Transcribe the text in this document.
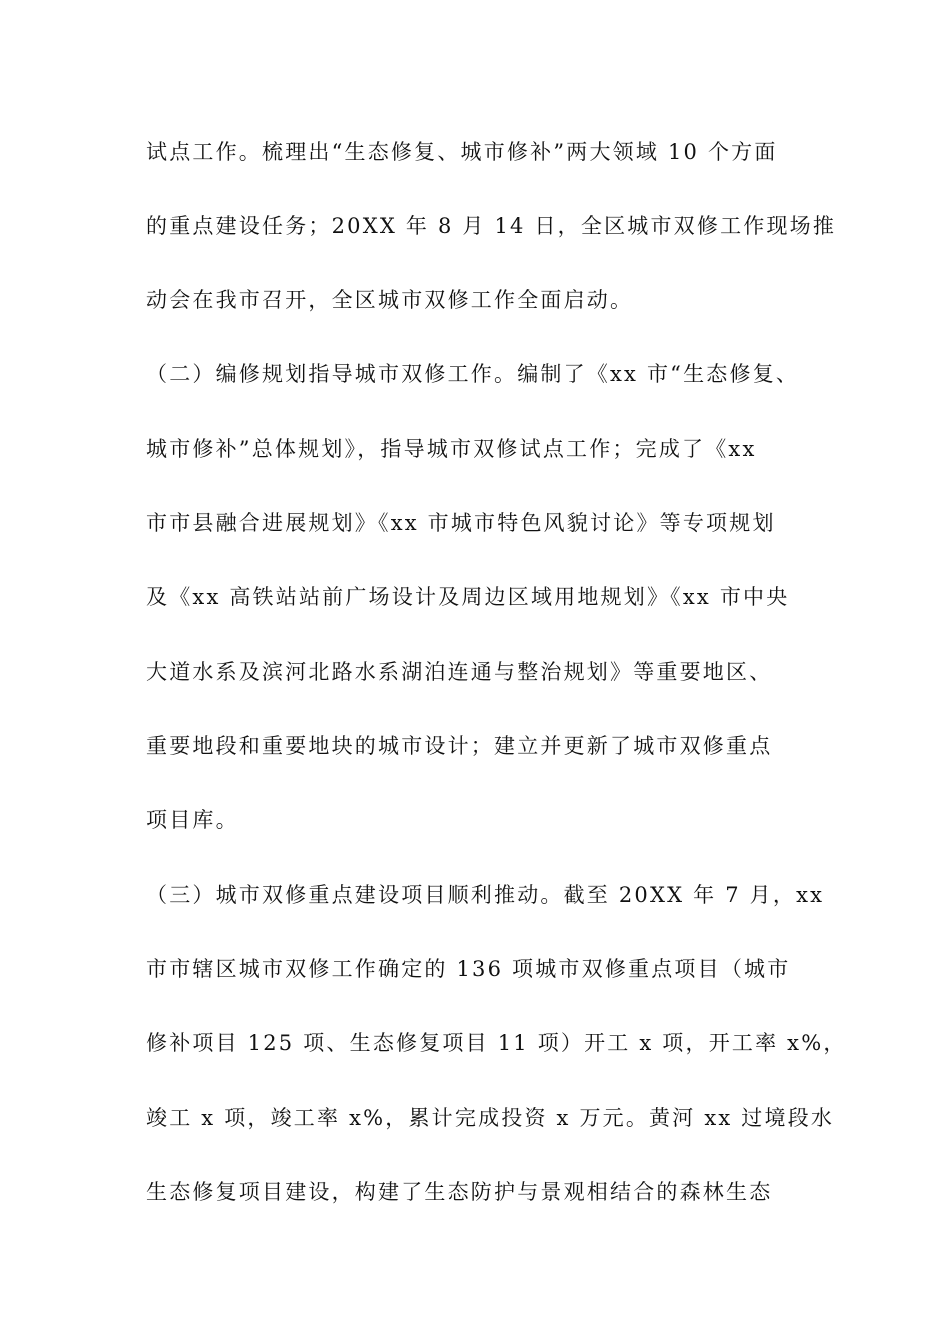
试点工作。梳理出“生态修复、城市修补”两大领域 10 个方面
的重点建设任务；20XX 年 8 月 14 日，全区城市双修工作现场推
动会在我市召开，全区城市双修工作全面启动。
（二）编修规划指导城市双修工作。编制了《xx 市“生态修复、
城市修补”总体规划》，指导城市双修试点工作；完成了《xx
市市县融合进展规划》《xx 市城市特色风貌讨论》等专项规划
及《xx 高铁站站前广场设计及周边区域用地规划》《xx 市中央
大道水系及滨河北路水系湖泊连通与整治规划》等重要地区、
重要地段和重要地块的城市设计；建立并更新了城市双修重点
项目库。
（三）城市双修重点建设项目顺利推动。截至 20XX 年 7 月，xx
市市辖区城市双修工作确定的 136 项城市双修重点项目（城市
修补项目 125 项、生态修复项目 11 项）开工 x 项，开工率 x%，
竣工 x 项，竣工率 x%，累计完成投资 x 万元。黄河 xx 过境段水
生态修复项目建设，构建了生态防护与景观相结合的森林生态
